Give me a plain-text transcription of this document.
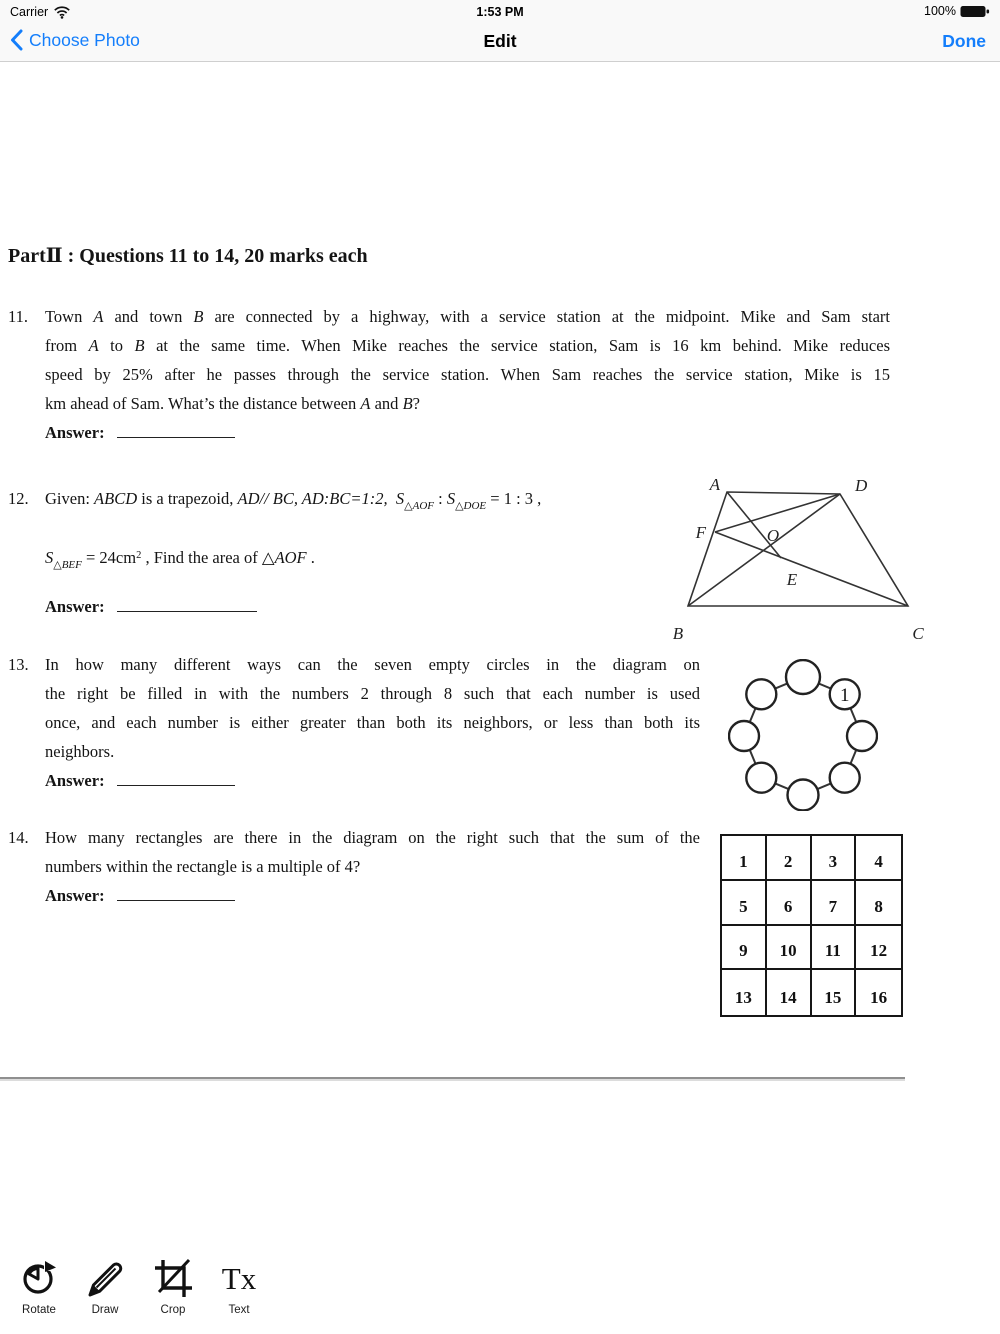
Carrier	1:53 PM	100%
Choose Photo	Edit	Done
PartⅡ : Questions 11 to 14, 20 marks each
11. Town A and town B are connected by a highway, with a service station at the midpoint. Mike and Sam start
from A to B at the same time. When Mike reaches the service station, Sam is 16 km behind. Mike reduces
speed by 25% after he passes through the service station. When Sam reaches the service station, Mike is 15
km ahead of Sam. What’s the distance between A and B?
Answer:
12. Given: ABCD is a trapezoid, AD// BC, AD:BC=1:2, $S_{\triangle AOF}$ : $S_{\triangle DOE} = 1$ : 3 ,
$S_{\triangle BEF} = 24cm^2$ , Find the area of △AOF .
Answer:
A	D
F	O
E
B	C
13. In how many different ways can the seven empty circles in the diagram on
the right be filled in with the numbers 2 through 8 such that each number is used
once, and each number is either greater than both its neighbors, or less than both its
neighbors.
Answer:
1
14. How many rectangles are there in the diagram on the right such that the sum of the
numbers within the rectangle is a multiple of 4?
Answer:
1	2	3	4
5	6	7	8
9	10	11	12
13	14	15	16
Rotate	Draw	Crop
Tx
Text
